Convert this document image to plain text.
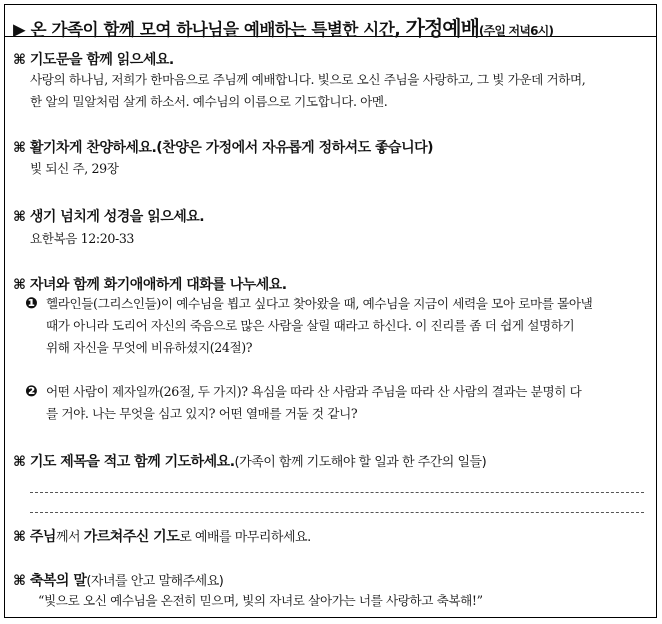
▶ 온 가족이 함께 모여 하나님을 예배하는 특별한 시간, 가정예배(주일 저녁6시)
⌘ 기도문을 함께 읽으세요.
사랑의 하나님, 저희가 한마음으로 주님께 예배합니다. 빛으로 오신 주님을 사랑하고, 그 빛 가운데 거하며,
한 알의 밀알처럼 살게 하소서. 예수님의 이름으로 기도합니다. 아멘.
⌘ 활기차게 찬양하세요.(찬양은 가정에서 자유롭게 정하셔도 좋습니다)
빛 되신 주, 29장
⌘ 생기 넘치게 성경을 읽으세요.
요한복음 12:20-33
⌘ 자녀와 함께 화기애애하게 대화를 나누세요.
❶ 헬라인들(그리스인들)이 예수님을 뵙고 싶다고 찾아왔을 때, 예수님을 지금이 세력을 모아 로마를 몰아낼
때가 아니라 도리어 자신의 죽음으로 많은 사람을 살릴 때라고 하신다. 이 진리를 좀 더 쉽게 설명하기
위해 자신을 무엇에 비유하셨지(24절)?
❷ 어떤 사람이 제자일까(26절, 두 가지)? 욕심을 따라 산 사람과 주님을 따라 산 사람의 결과는 분명히 다
를 거야. 나는 무엇을 심고 있지? 어떤 열매를 거둘 것 같니?
⌘ 기도 제목을 적고 함께 기도하세요.(가족이 함께 기도해야 할 일과 한 주간의 일들)
⌘ 주님께서 가르쳐주신 기도로 예배를 마무리하세요.
⌘ 축복의 말(자녀를 안고 말해주세요)
“빛으로 오신 예수님을 온전히 믿으며, 빛의 자녀로 살아가는 너를 사랑하고 축복해!”
